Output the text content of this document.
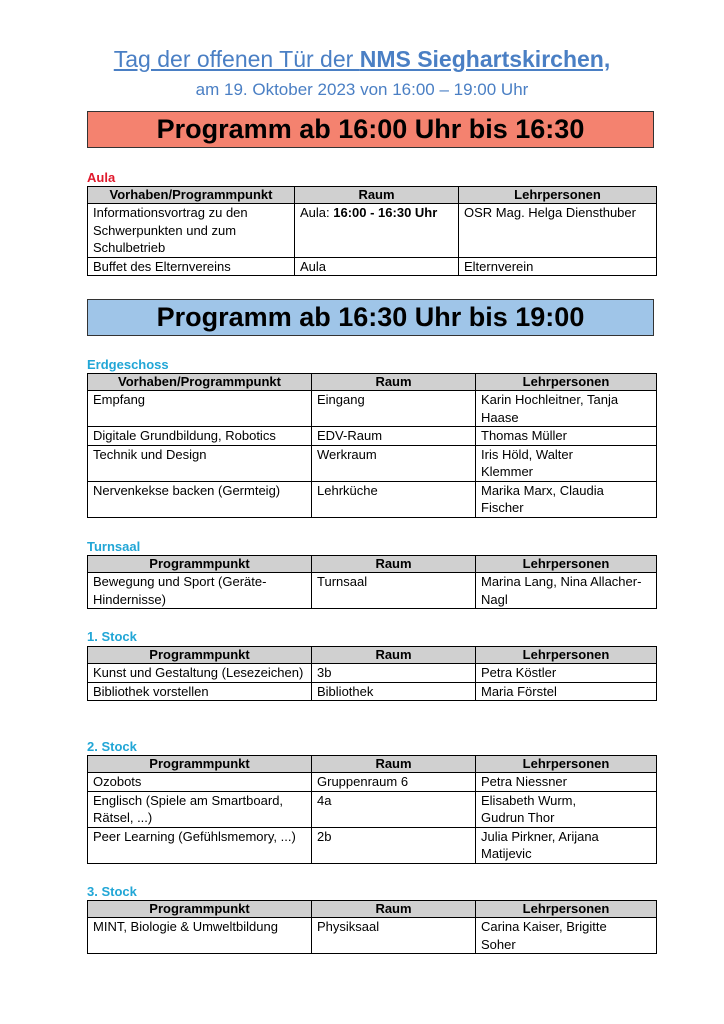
Tag der offenen Tür der NMS Sieghartskirchen,
am 19. Oktober 2023 von 16:00 – 19:00 Uhr
Programm ab 16:00 Uhr bis 16:30
Aula
Vorhaben/Programmpunkt	Raum	Lehrpersonen
Informationsvortrag zu den Schwerpunkten und zum Schulbetrieb	Aula: 16:00 - 16:30 Uhr	OSR Mag. Helga Diensthuber
Buffet des Elternvereins	Aula	Elternverein
Programm ab 16:30 Uhr bis 19:00
Erdgeschoss
Vorhaben/Programmpunkt	Raum	Lehrpersonen
Empfang	Eingang	Karin Hochleitner, Tanja Haase
Digitale Grundbildung, Robotics	EDV-Raum	Thomas Müller
Technik und Design	Werkraum	Iris Höld, Walter Klemmer
Nervenkekse backen (Germteig)	Lehrküche	Marika Marx, Claudia Fischer
Turnsaal
Programmpunkt	Raum	Lehrpersonen
Bewegung und Sport (Geräte-Hindernisse)	Turnsaal	Marina Lang, Nina Allacher-Nagl
1. Stock
Programmpunkt	Raum	Lehrpersonen
Kunst und Gestaltung (Lesezeichen)	3b	Petra Köstler
Bibliothek vorstellen	Bibliothek	Maria Förstel
2. Stock
Programmpunkt	Raum	Lehrpersonen
Ozobots	Gruppenraum 6	Petra Niessner
Englisch (Spiele am Smartboard, Rätsel, ...)	4a	Elisabeth Wurm, Gudrun Thor
Peer Learning (Gefühlsmemory, ...)	2b	Julia Pirkner, Arijana Matijevic
3. Stock
Programmpunkt	Raum	Lehrpersonen
MINT, Biologie & Umweltbildung	Physiksaal	Carina Kaiser, Brigitte Soher
